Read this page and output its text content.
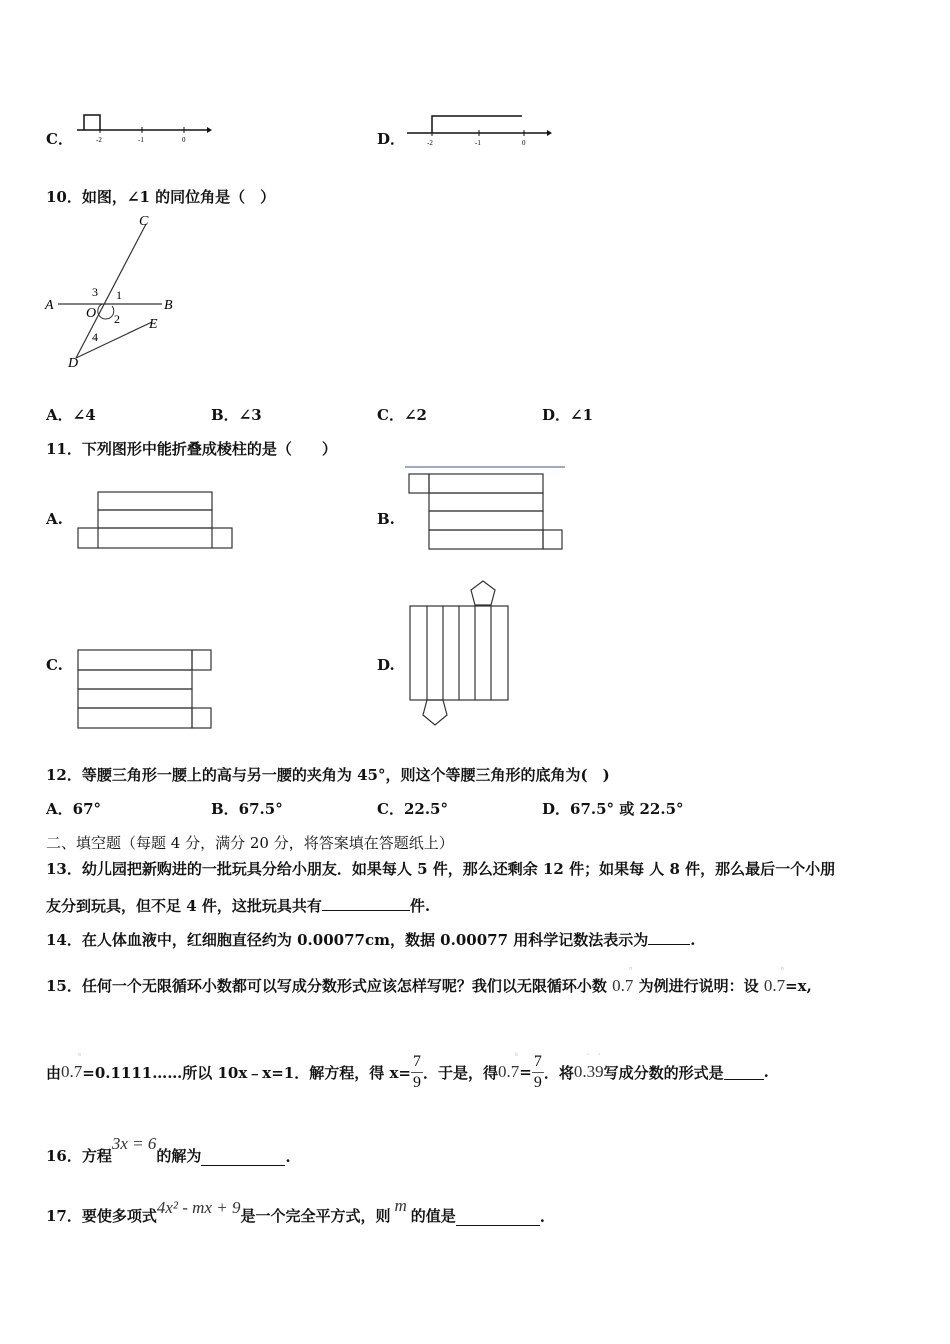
C．	-2	-1	0	D．	-2	-1	0
10．如图，∠1 的同位角是（　）
C
A
O
B
E
D
1
2
3
4
A．∠4	B．∠3	C．∠2	D．∠1
11．下列图形中能折叠成棱柱的是（　　）
A.	B.
C.	D.
12．等腰三角形一腰上的高与另一腰的夹角为 45°，则这个等腰三角形的底角为(　)
A．67°	B．67.5°	C．22.5°	D．67.5° 或 22.5°
二、填空题（每题 4 分，满分 20 分，将答案填在答题纸上）
13．幼儿园把新购进的一批玩具分给小朋友．如果每人 5 件，那么还剩余 12 件；如果每 人 8 件，那么最后一个小朋
友分到玩具，但不足 4 件，这批玩具共有	件.
14．在人体血液中，红细胞直径约为 0.00077cm，数据 0.00077 用科学记数法表示为	.
15．任何一个无限循环小数都可以写成分数形式应该怎样写呢？我们以无限循环小数 0.7
▫
为例进行说明：设 0.7
▫
=x,
由 0.7
▫
=0.1111……所以 10x﹣x=1．解方程，得 $x= \frac{7}{9}$ ．于是，得 0.7
▫
= $\frac{7}{9}$ ．将 0.39
· ·
写成分数的形式是	.
16．方程
3x = 6
的解为	.
17．要使多项式 4x² - mx + 9 是一个完全平方式，则
m
的值是	.
